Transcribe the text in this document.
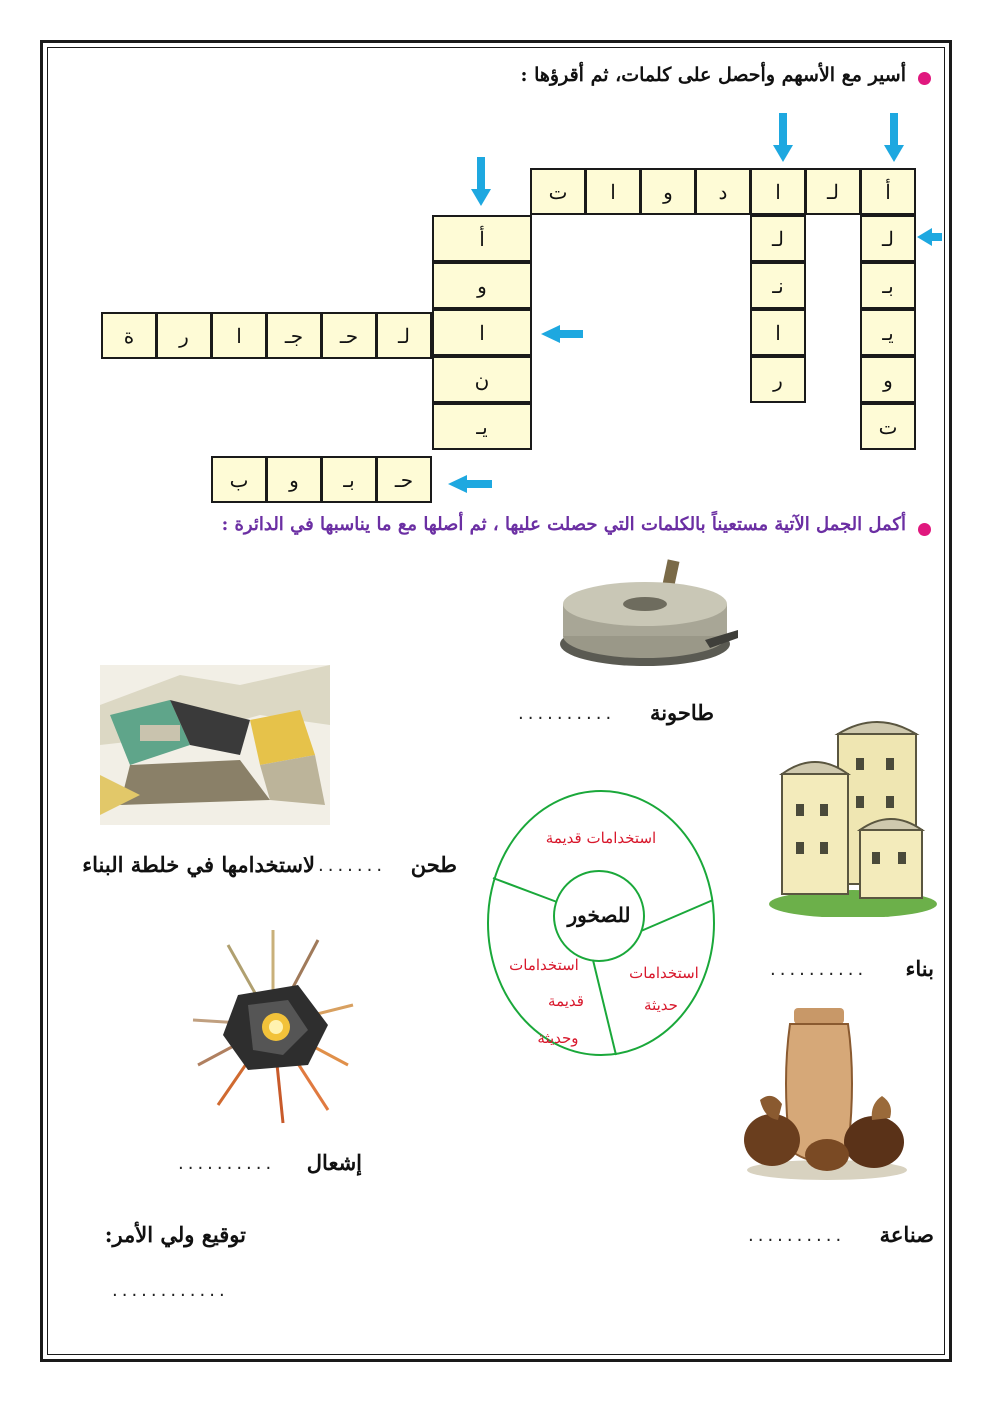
أسير مع الأسهم وأحصل على كلمات، ثم أقرؤها :
أ
لـ
ا
د
و
ا
ت
لـ
بـ
يـ
و
ت
لـ
نـ
ا
ر
أ
و
ا
ن
يـ
لـ
حـ
جـ
ا
ر
ة
حـ
بـ
و
ب
أكمل الجمل الآتية مستعيناً بالكلمات التي حصلت عليها ، ثم أصلها مع ما يناسبها في الدائرة :
طاحونة
..........
طحن
.......
لاستخدامها في خلطة البناء
بناء
..........
إشعال
..........
صناعة
..........
توقيع ولي الأمر:
............
للصخور
استخدامات قديمة
استخدامات
قديمة
وحديثة
استخدامات
حديثة
